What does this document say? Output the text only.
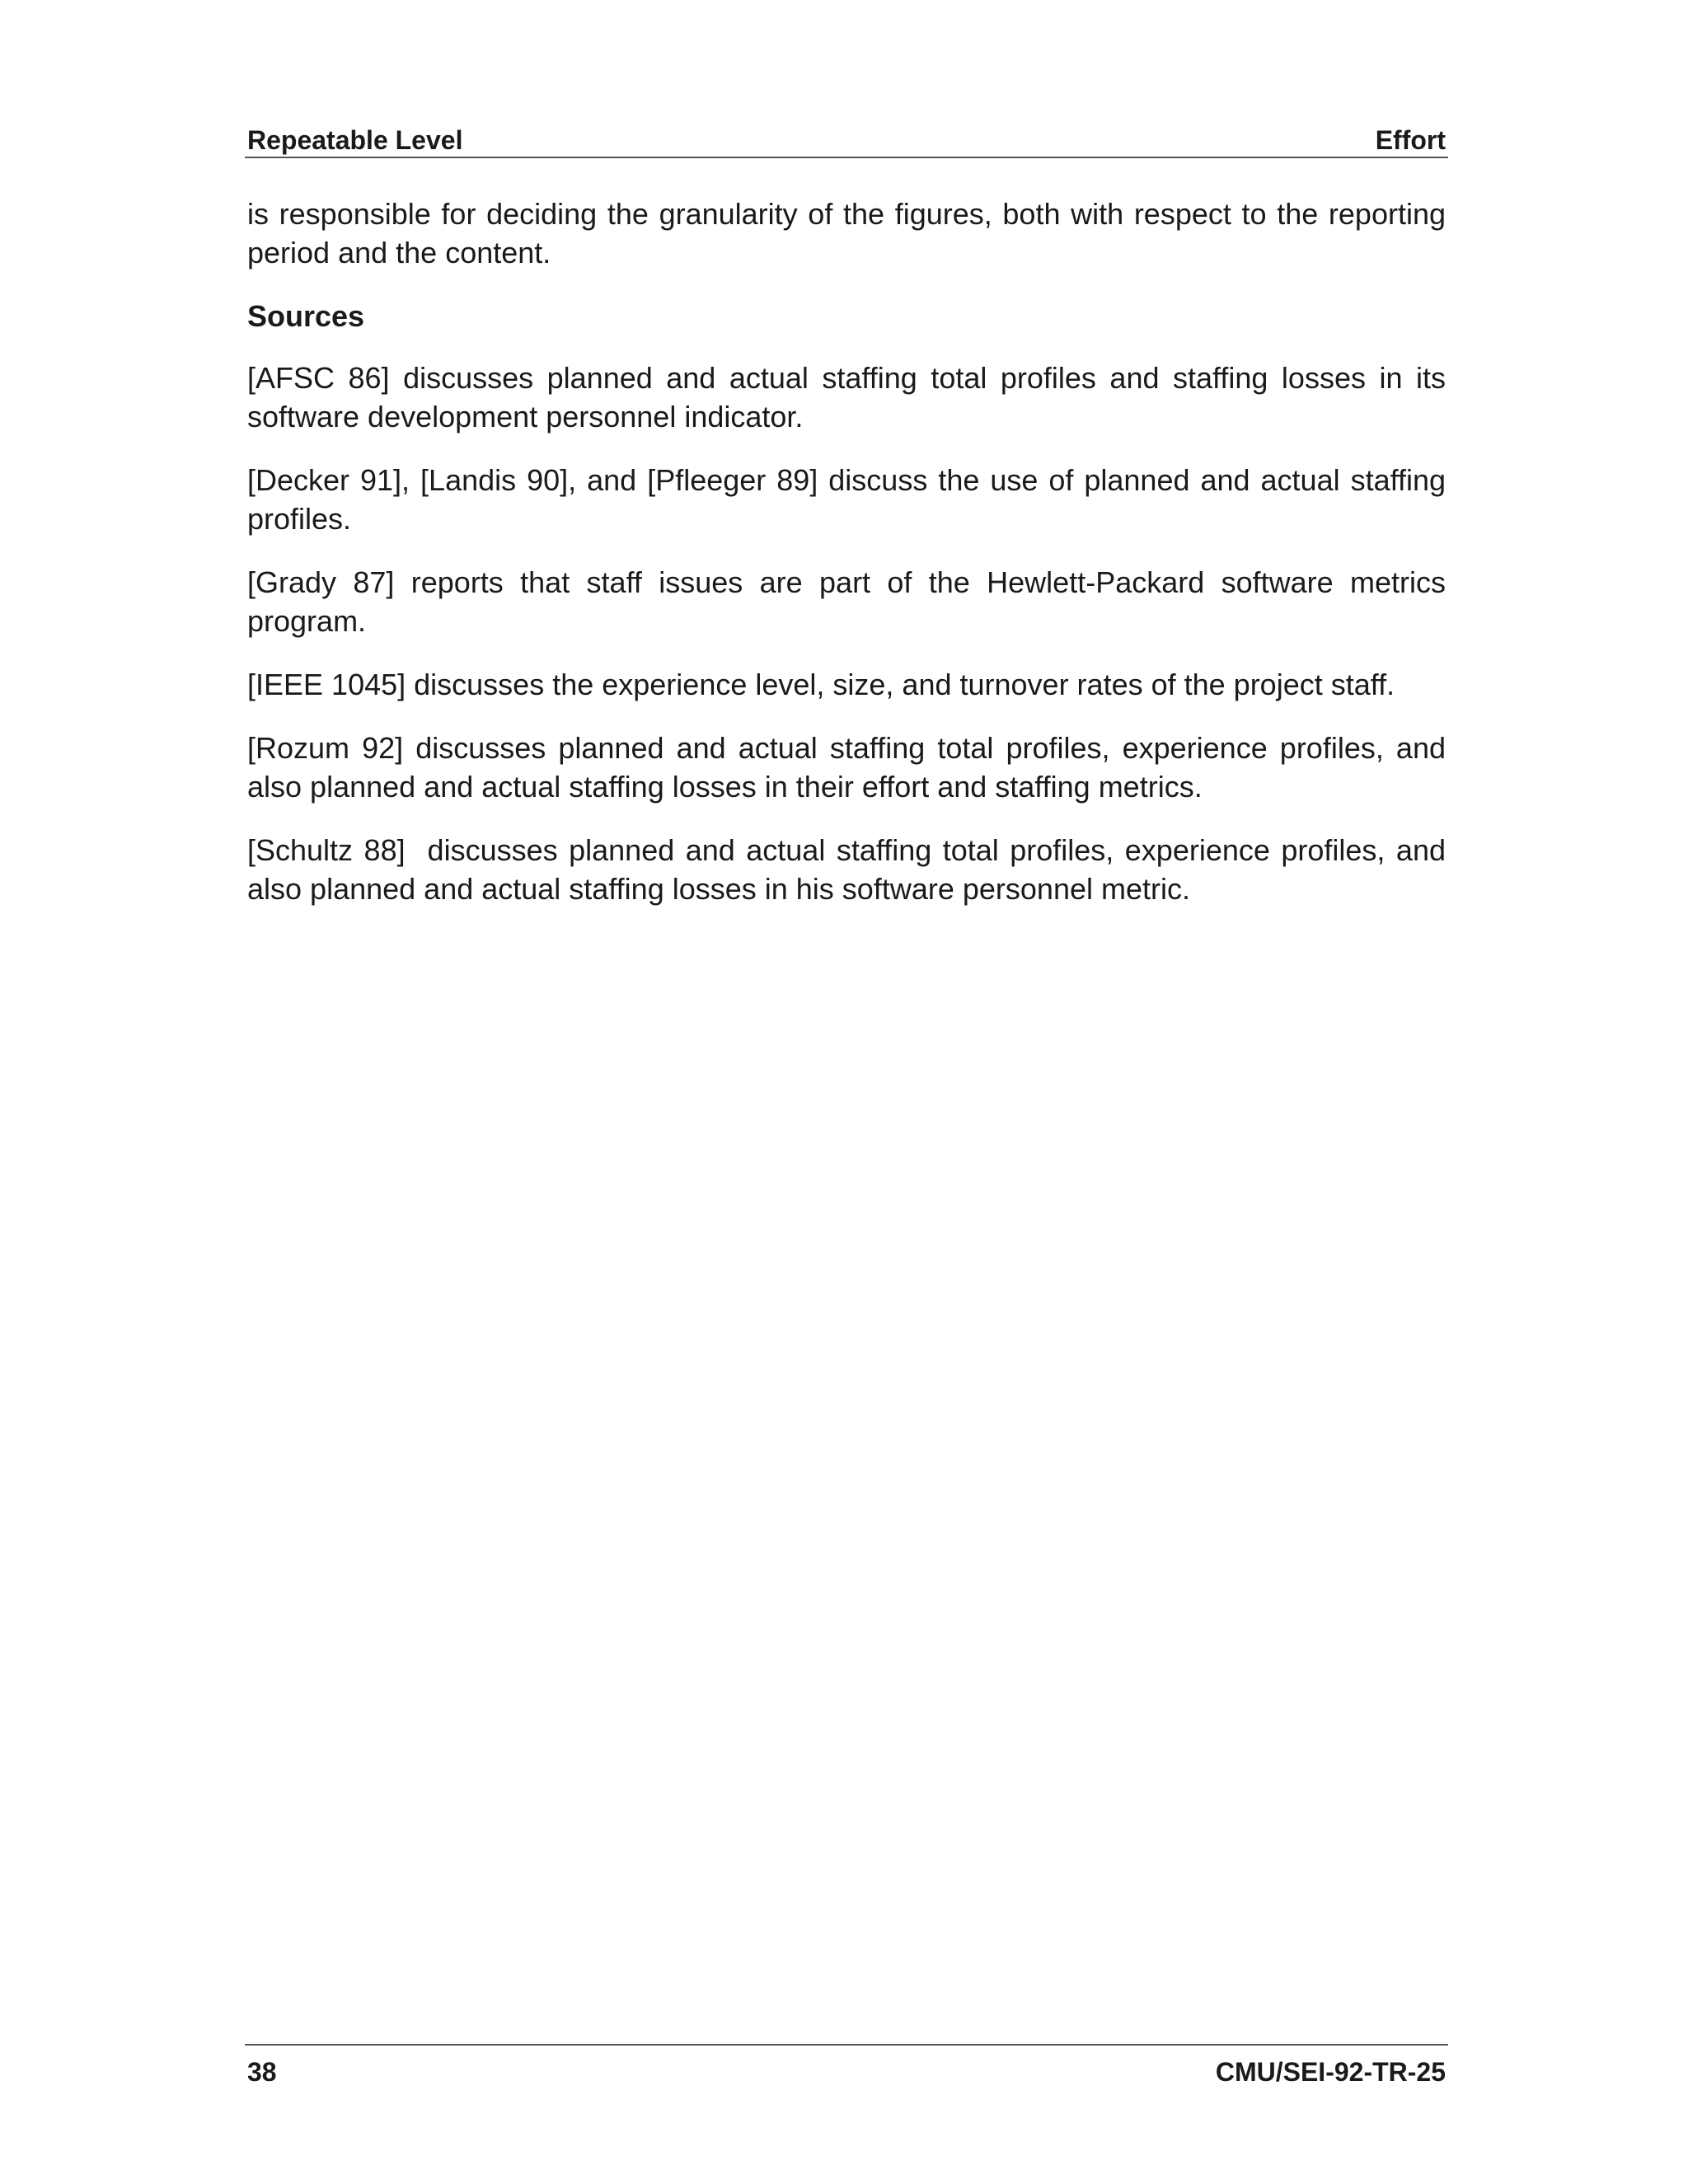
Repeatable Level	Effort

is responsible for deciding the granularity of the figures, both with respect to the reporting period and the content.

Sources

[AFSC 86] discusses planned and actual staffing total profiles and staffing losses in its software development personnel indicator.

[Decker 91], [Landis 90], and [Pfleeger 89] discuss the use of planned and actual staffing profiles.

[Grady 87] reports that staff issues are part of the Hewlett-Packard software metrics program.

[IEEE 1045] discusses the experience level, size, and turnover rates of the project staff.

[Rozum 92] discusses planned and actual staffing total profiles, experience profiles, and also planned and actual staffing losses in their effort and staffing metrics.

[Schultz 88]  discusses planned and actual staffing total profiles, experience profiles, and also planned and actual staffing losses in his software personnel metric.

38	CMU/SEI-92-TR-25
